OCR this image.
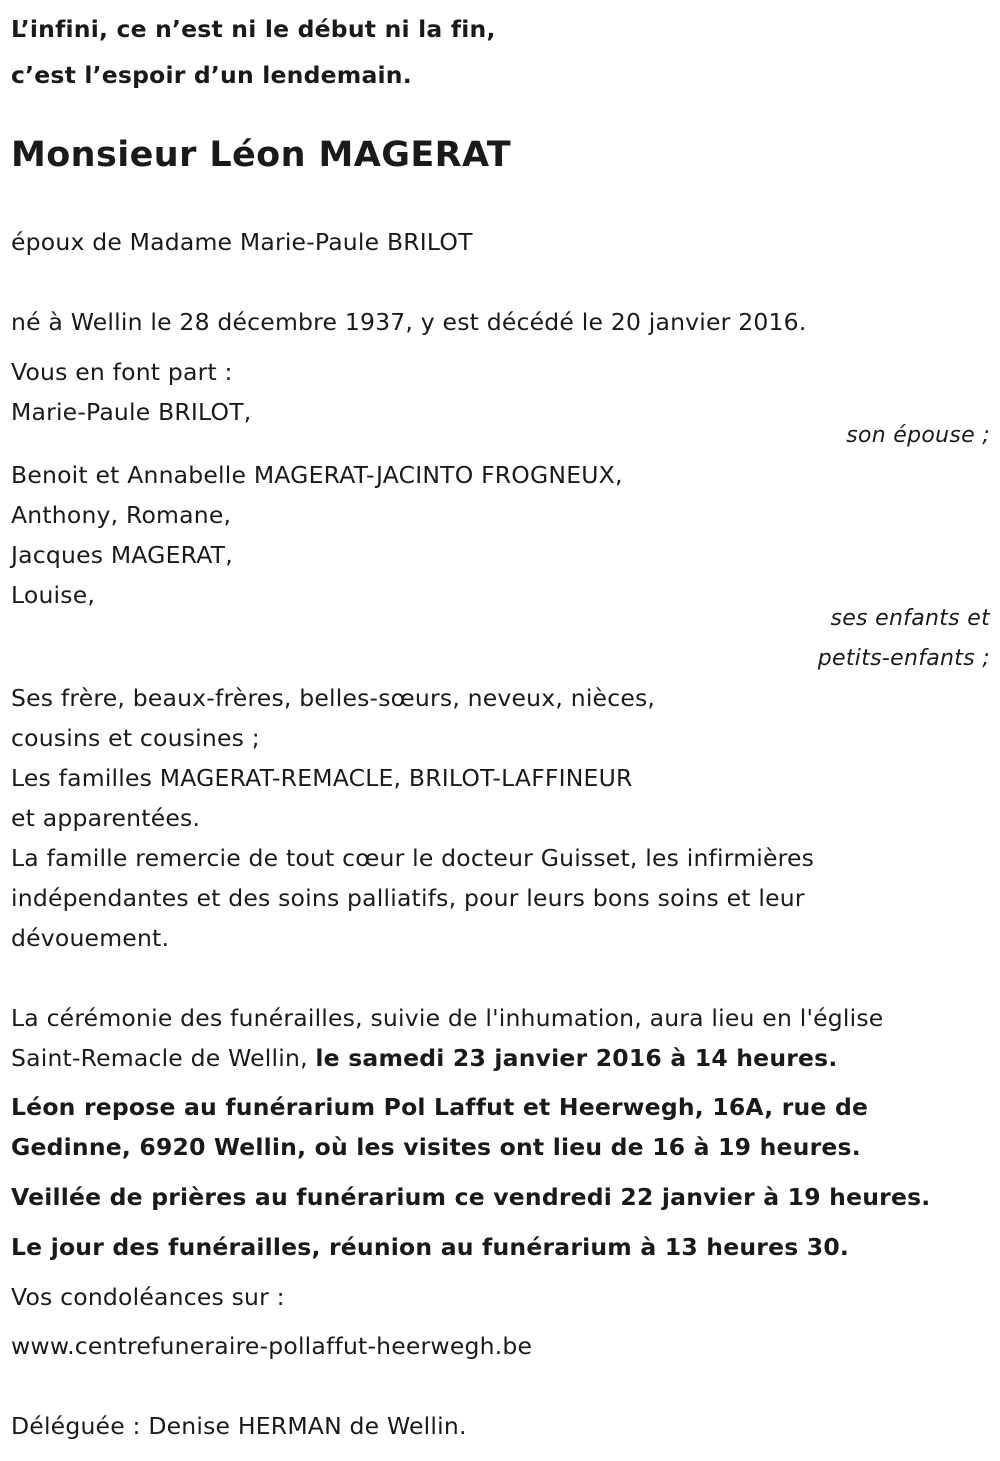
L’infini, ce n’est ni le début ni la fin,
c’est l’espoir d’un lendemain.
Monsieur Léon MAGERAT
époux de Madame Marie-Paule BRILOT
né à Wellin le 28 décembre 1937, y est décédé le 20 janvier 2016.
Vous en font part :
Marie-Paule BRILOT,
son épouse ;
Benoit et Annabelle MAGERAT-JACINTO FROGNEUX,
Anthony, Romane,
Jacques MAGERAT,
Louise,
ses enfants et
petits-enfants ;
Ses frère, beaux-frères, belles-sœurs, neveux, nièces,
cousins et cousines ;
Les familles MAGERAT-REMACLE, BRILOT-LAFFINEUR
et apparentées.
La famille remercie de tout cœur le docteur Guisset, les infirmières
indépendantes et des soins palliatifs, pour leurs bons soins et leur
dévouement.
La cérémonie des funérailles, suivie de l'inhumation, aura lieu en l'église
Saint-Remacle de Wellin, le samedi 23 janvier 2016 à 14 heures.
Léon repose au funérarium Pol Laffut et Heerwegh, 16A, rue de
Gedinne, 6920 Wellin, où les visites ont lieu de 16 à 19 heures.
Veillée de prières au funérarium ce vendredi 22 janvier à 19 heures.
Le jour des funérailles, réunion au funérarium à 13 heures 30.
Vos condoléances sur :
www.centrefuneraire-pollaffut-heerwegh.be
Déléguée : Denise HERMAN de Wellin.
